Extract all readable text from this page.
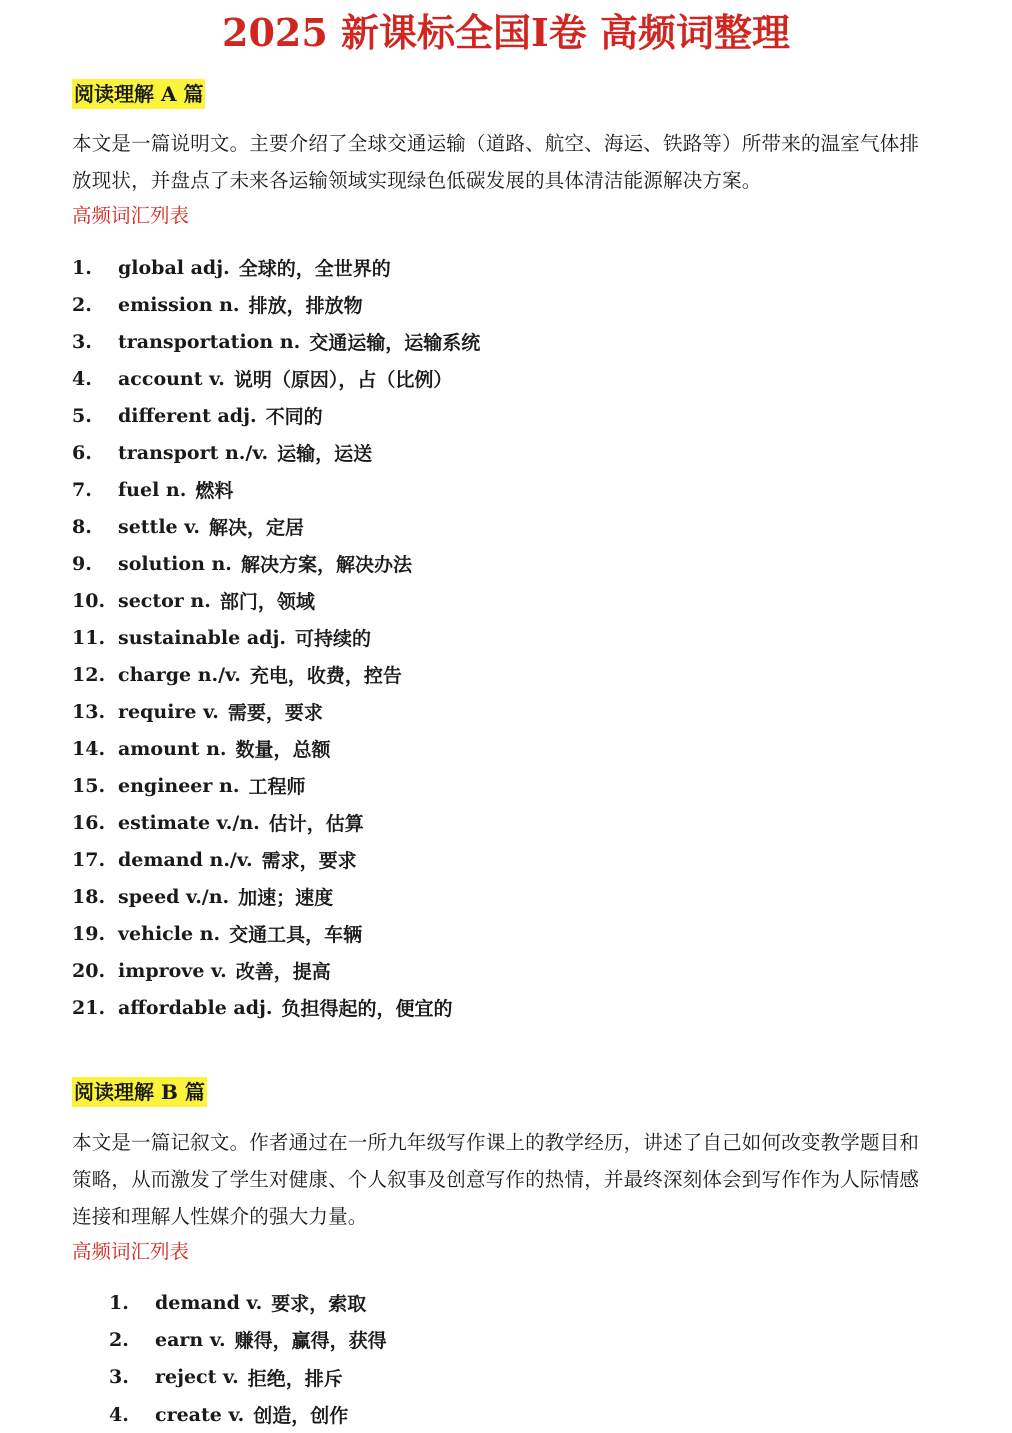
2025 新课标全国I卷 高频词整理
阅读理解 A 篇
本文是一篇说明文。主要介绍了全球交通运输（道路、航空、海运、铁路等）所带来的温室气体排放现状，并盘点了未来各运输领域实现绿色低碳发展的具体清洁能源解决方案。
高频词汇列表
1.	global adj. 全球的，全世界的
2.	emission n. 排放，排放物
3.	transportation n. 交通运输，运输系统
4.	account v. 说明（原因），占（比例）
5.	different adj. 不同的
6.	transport n./v. 运输，运送
7.	fuel n. 燃料
8.	settle v. 解决，定居
9.	solution n. 解决方案，解决办法
10. sector n. 部门，领域
11. sustainable adj. 可持续的
12. charge n./v. 充电，收费，控告
13. require v. 需要，要求
14. amount n. 数量，总额
15. engineer n. 工程师
16. estimate v./n. 估计，估算
17. demand n./v. 需求，要求
18. speed v./n. 加速；速度
19. vehicle n. 交通工具，车辆
20. improve v. 改善，提高
21. affordable adj. 负担得起的，便宜的
阅读理解 B 篇
本文是一篇记叙文。作者通过在一所九年级写作课上的教学经历，讲述了自己如何改变教学题目和策略，从而激发了学生对健康、个人叙事及创意写作的热情，并最终深刻体会到写作作为人际情感连接和理解人性媒介的强大力量。
高频词汇列表
1.	demand v. 要求，索取
2.	earn v. 赚得，赢得，获得
3.	reject v. 拒绝，排斥
4.	create v. 创造，创作
